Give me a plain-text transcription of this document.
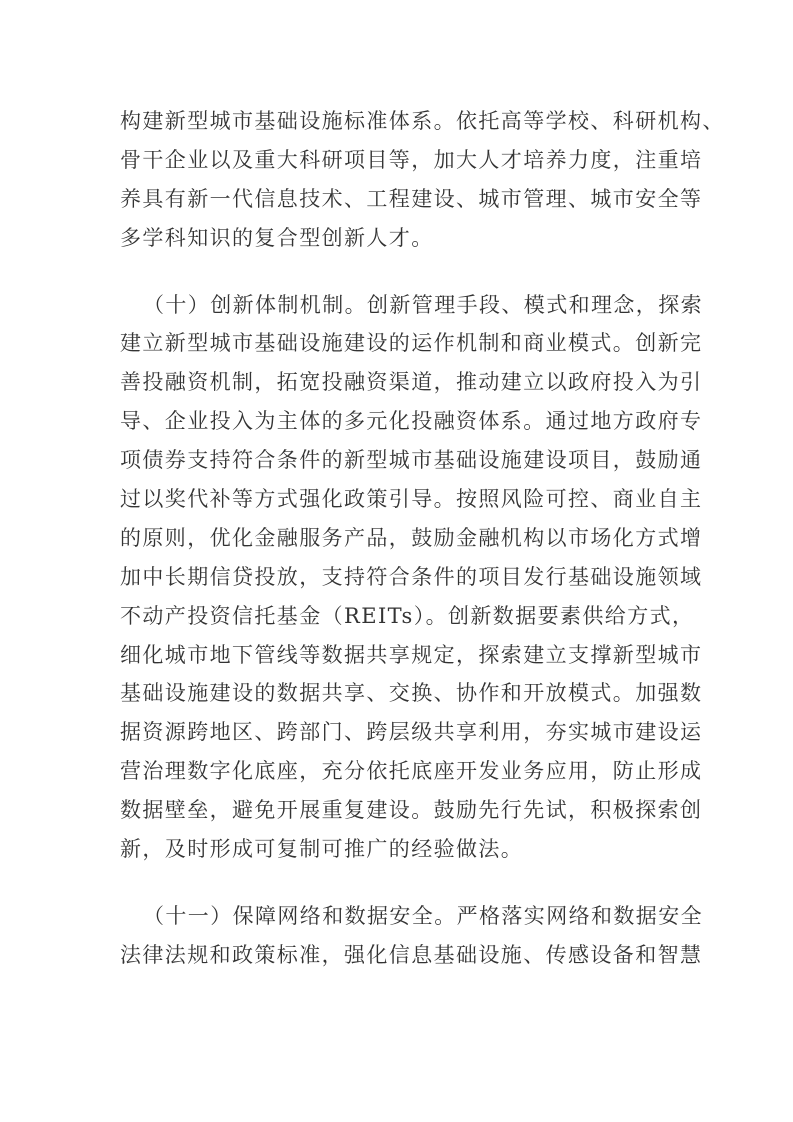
构建新型城市基础设施标准体系。依托高等学校、科研机构、
骨干企业以及重大科研项目等，加大人才培养力度，注重培
养具有新一代信息技术、工程建设、城市管理、城市安全等
多学科知识的复合型创新人才。
（十）创新体制机制。创新管理手段、模式和理念，探索
建立新型城市基础设施建设的运作机制和商业模式。创新完
善投融资机制，拓宽投融资渠道，推动建立以政府投入为引
导、企业投入为主体的多元化投融资体系。通过地方政府专
项债券支持符合条件的新型城市基础设施建设项目，鼓励通
过以奖代补等方式强化政策引导。按照风险可控、商业自主
的原则，优化金融服务产品，鼓励金融机构以市场化方式增
加中长期信贷投放，支持符合条件的项目发行基础设施领域
不动产投资信托基金（REITs）。创新数据要素供给方式，
细化城市地下管线等数据共享规定，探索建立支撑新型城市
基础设施建设的数据共享、交换、协作和开放模式。加强数
据资源跨地区、跨部门、跨层级共享利用，夯实城市建设运
营治理数字化底座，充分依托底座开发业务应用，防止形成
数据壁垒，避免开展重复建设。鼓励先行先试，积极探索创
新，及时形成可复制可推广的经验做法。
（十一）保障网络和数据安全。严格落实网络和数据安全
法律法规和政策标准，强化信息基础设施、传感设备和智慧
